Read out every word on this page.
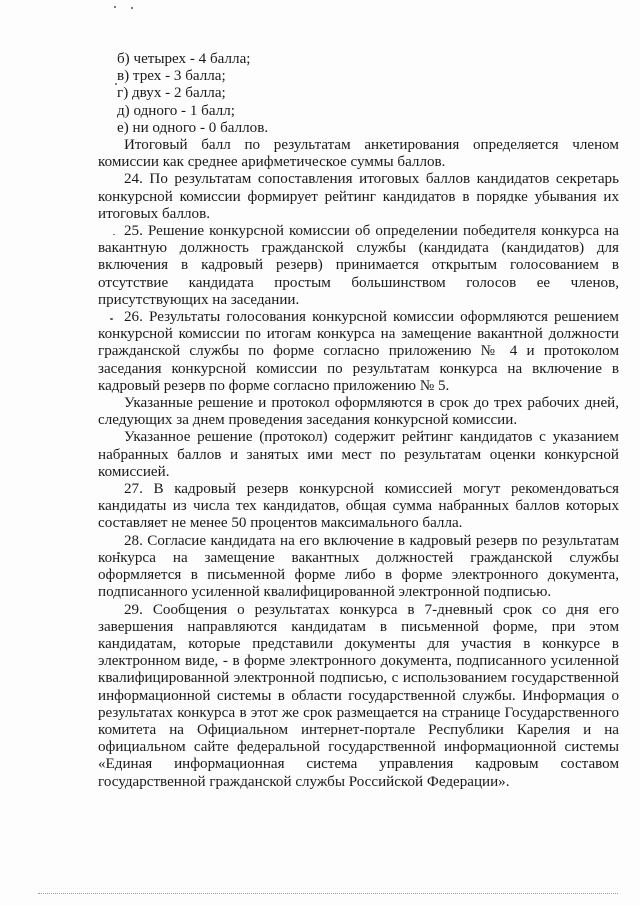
б) четырех - 4 балла;

в) трех - 3 балла;

г) двух - 2 балла;

д) одного - 1 балл;

е) ни одного - 0 баллов.

Итоговый балл по результатам анкетирования определяется членом комиссии как среднее арифметическое суммы баллов.

24. По результатам сопоставления итоговых баллов кандидатов секретарь конкурсной комиссии формирует рейтинг кандидатов в порядке убывания их итоговых баллов.

25. Решение конкурсной комиссии об определении победителя конкурса на вакантную должность гражданской службы (кандидата (кандидатов) для включения в кадровый резерв) принимается открытым голосованием в отсутствие кандидата простым большинством голосов ее членов, присутствующих на заседании.

26. Результаты голосования конкурсной комиссии оформляются решением конкурсной комиссии по итогам конкурса на замещение вакантной должности гражданской службы по форме согласно приложению № 4 и протоколом заседания конкурсной комиссии по результатам конкурса на включение в кадровый резерв по форме согласно приложению № 5.

Указанные решение и протокол оформляются в срок до трех рабочих дней, следующих за днем проведения заседания конкурсной комиссии.

Указанное решение (протокол) содержит рейтинг кандидатов с указанием набранных баллов и занятых ими мест по результатам оценки конкурсной комиссией.

27. В кадровый резерв конкурсной комиссией могут рекомендоваться кандидаты из числа тех кандидатов, общая сумма набранных баллов которых составляет не менее 50 процентов максимального балла.

28. Согласие кандидата на его включение в кадровый резерв по результатам конкурса на замещение вакантных должностей гражданской службы оформляется в письменной форме либо в форме электронного документа, подписанного усиленной квалифицированной электронной подписью.

29. Сообщения о результатах конкурса в 7-дневный срок со дня его завершения направляются кандидатам в письменной форме, при этом кандидатам, которые представили документы для участия в конкурсе в электронном виде, - в форме электронного документа, подписанного усиленной квалифицированной электронной подписью, с использованием государственной информационной системы в области государственной службы. Информация о результатах конкурса в этот же срок размещается на странице Государственного комитета на Официальном интернет-портале Республики Карелия и на официальном сайте федеральной государственной информационной системы «Единая информационная система управления кадровым составом государственной гражданской службы Российской Федерации».
